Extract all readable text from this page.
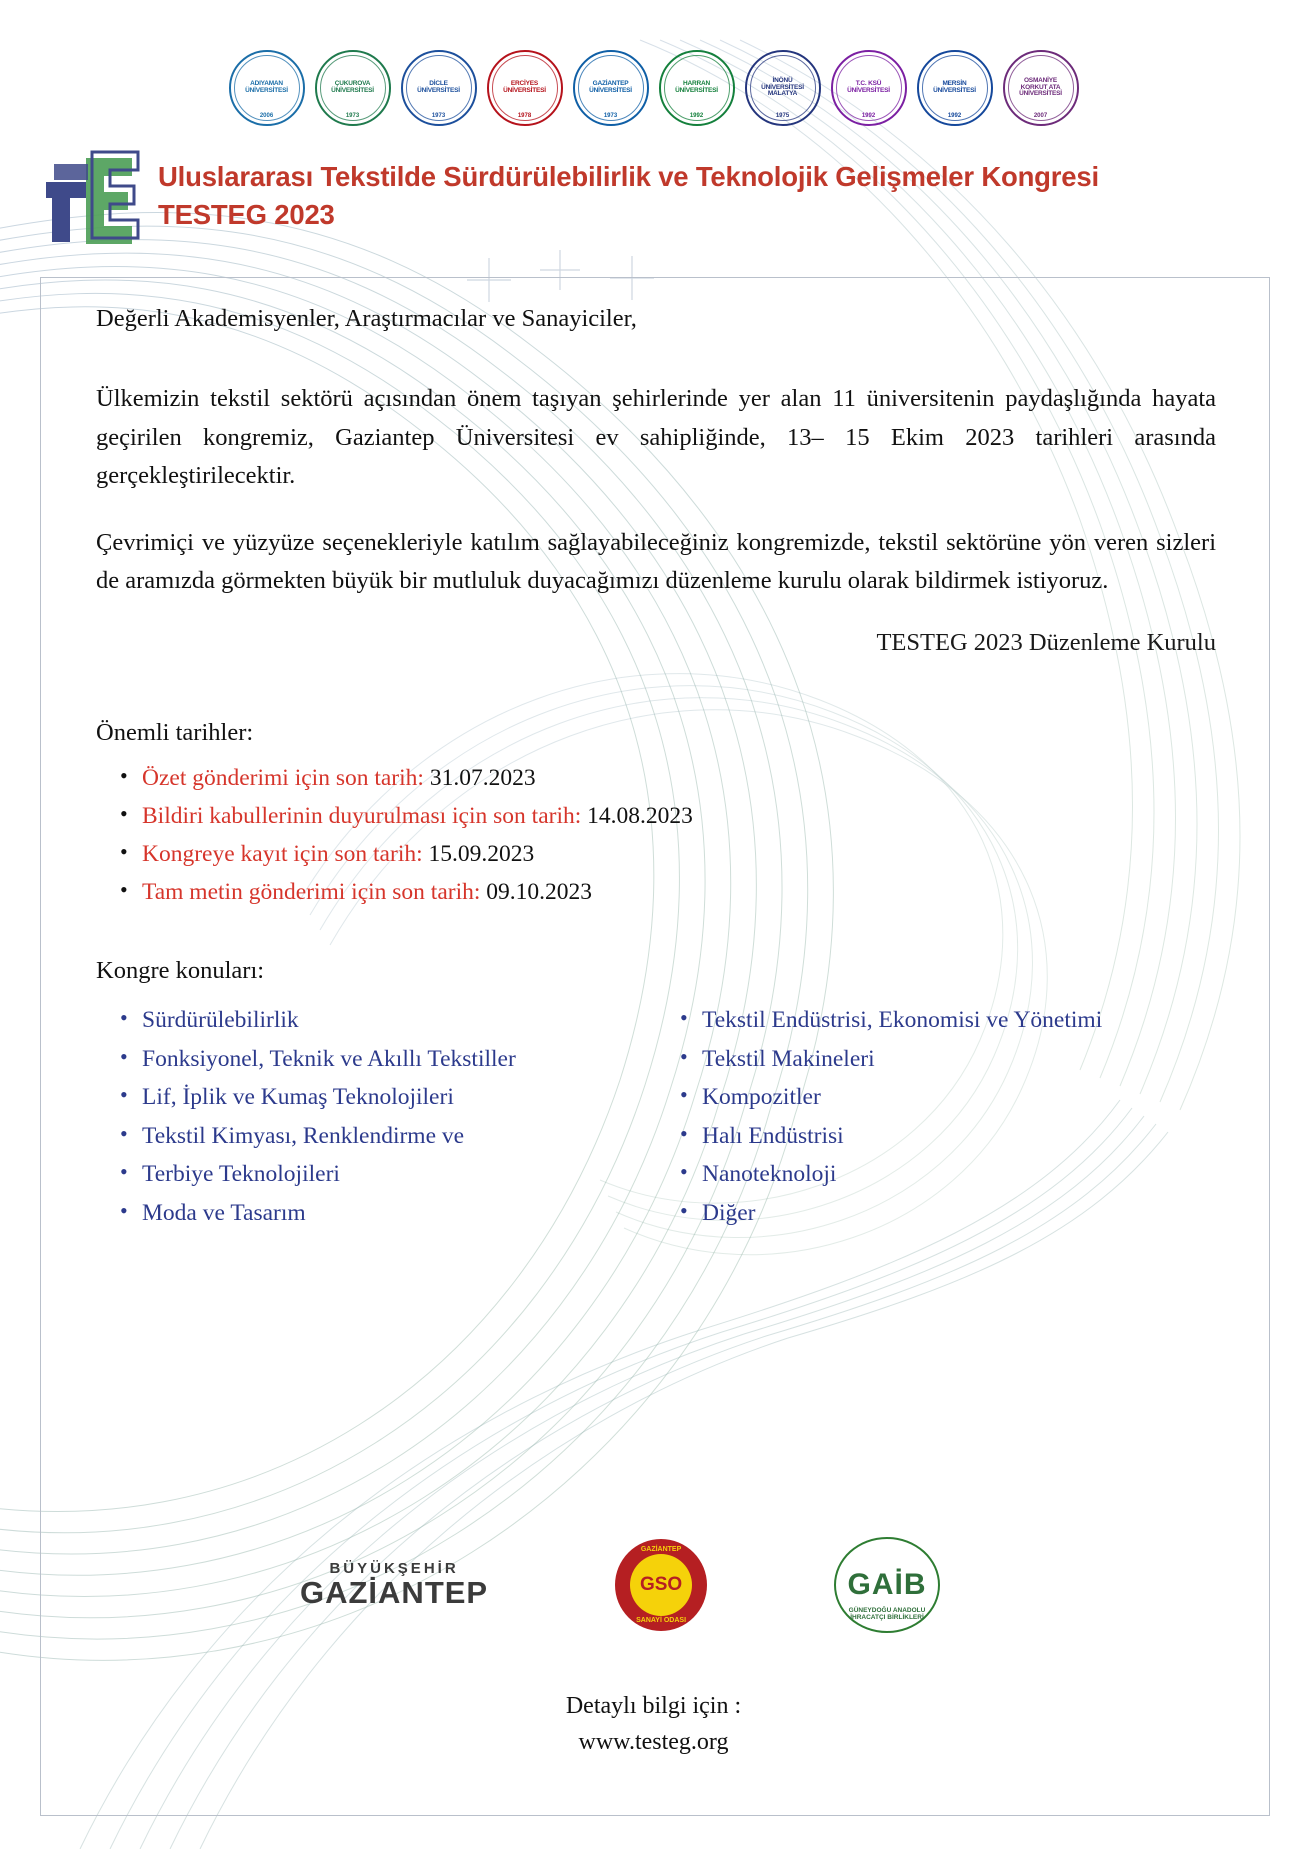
ADIYAMAN ÜNİVERSİTESİ
2006
ÇUKUROVA ÜNİVERSİTESİ
1973
DİCLE ÜNİVERSİTESİ
1973
ERCİYES ÜNİVERSİTESİ
1978
GAZİANTEP ÜNİVERSİTESİ
1973
HARRAN ÜNİVERSİTESİ
1992
İNÖNÜ ÜNİVERSİTESİ MALATYA
1975
T.C. KSÜ ÜNİVERSİTESİ
1992
MERSİN ÜNİVERSİTESİ
1992
OSMANİYE KORKUT ATA ÜNİVERSİTESİ
2007
Uluslararası Tekstilde Sürdürülebilirlik ve Teknolojik Gelişmeler Kongresi
TESTEG 2023

Değerli Akademisyenler, Araştırmacılar ve Sanayiciler,

Ülkemizin tekstil sektörü açısından önem taşıyan şehirlerinde yer alan 11 üniversitenin paydaşlığında hayata geçirilen kongremiz, Gaziantep Üniversitesi ev sahipliğinde, 13– 15 Ekim 2023 tarihleri arasında gerçekleştirilecektir.

Çevrimiçi ve yüzyüze seçenekleriyle katılım sağlayabileceğiniz kongremizde, tekstil sektörüne yön veren sizleri de aramızda görmekten büyük bir mutluluk duyacağımızı düzenleme kurulu olarak bildirmek istiyoruz.

TESTEG 2023 Düzenleme Kurulu

Önemli tarihler:
• Özet gönderimi için son tarih: 31.07.2023
• Bildiri kabullerinin duyurulması için son tarih: 14.08.2023
• Kongreye kayıt için son tarih: 15.09.2023
• Tam metin gönderimi için son tarih: 09.10.2023
Kongre konuları:
• Sürdürülebilirlik
• Fonksiyonel, Teknik ve Akıllı Tekstiller
• Lif, İplik ve Kumaş Teknolojileri
• Tekstil Kimyası, Renklendirme ve
• Terbiye Teknolojileri
• Moda ve Tasarım
• Tekstil Endüstrisi, Ekonomisi ve Yönetimi
• Tekstil Makineleri
• Kompozitler
• Halı Endüstrisi
• Nanoteknoloji
• Diğer
BÜYÜKŞEHİR
GAZİANTEP
GAZİANTEP
GSO
SANAYİ ODASI
GAİB
GÜNEYDOĞU ANADOLU İHRACATÇI BİRLİKLERİ
Detaylı bilgi için :
www.testeg.org
